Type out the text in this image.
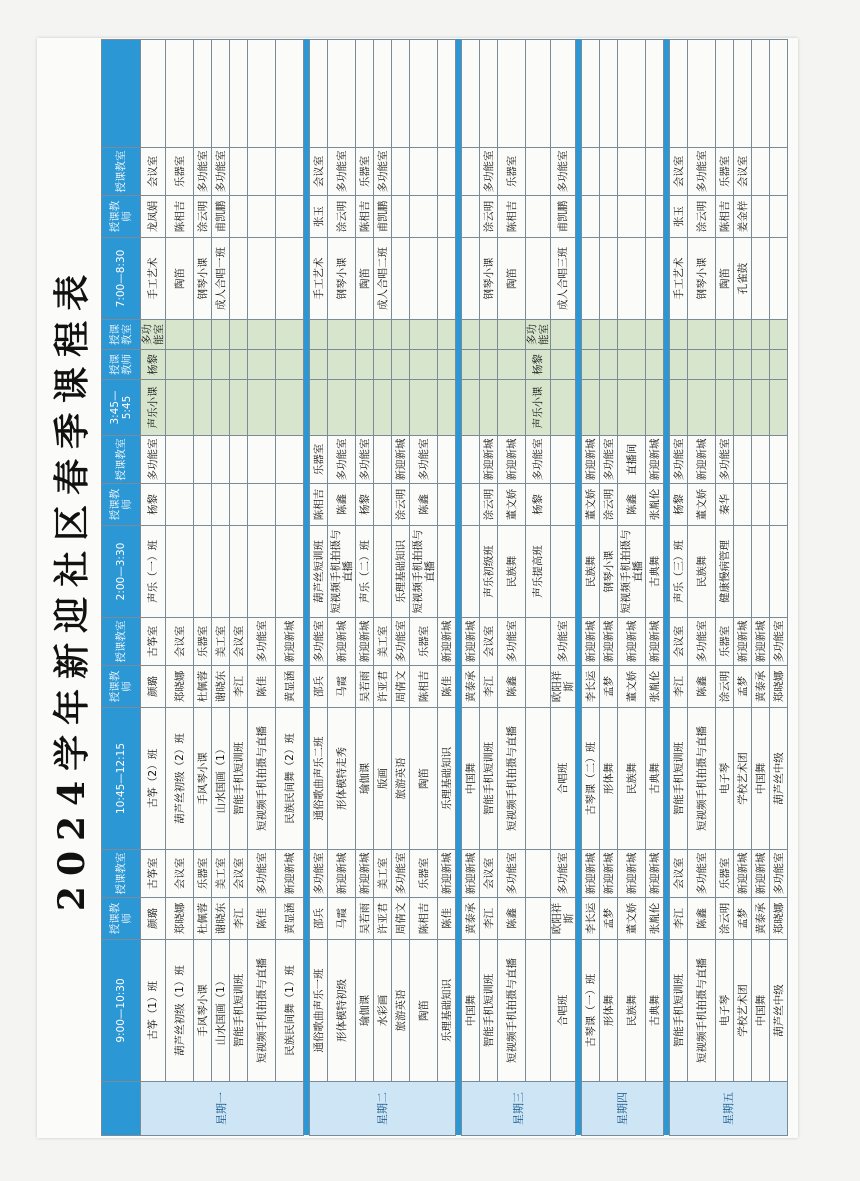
2024学年新迎社区春季课程表
	9:00—10:30	授课教师	授课教室	10:45—12:15	授课教师	授课教室	2:00—3:30	授课教师	授课教室	3:45—5:45	授课教师	授课教室	7:00—8:30	授课教师	授课教室	
星期一	古筝（1）班	颜璐	古筝室	古筝（2）班	颜璐	古筝室	声乐（一）班	杨黎	多功能室	声乐小课	杨黎	多功能室	手工艺术	龙凤娟	会议室	
	葫芦丝初级（1）班	郑晓娜	会议室	葫芦丝初级（2）班	郑晓娜	会议室							陶笛	陈相吉	乐器室	
	手风琴小课	杜佩蓉	乐器室	手风琴小课	杜佩蓉	乐器室							钢琴小课	涂云明	多功能室	
	山水国画（1）	谢晓东	美工室	山水国画（1）	谢晓东	美工室							成人合唱一班	甫凯鹏	多功能室	
	智能手机短训班	李江	会议室	智能手机短训班	李江	会议室										
	短视频手机拍摄与直播	陈佳	多功能室	短视频手机拍摄与直播	陈佳	多功能室										
	民族民间舞（1）班	黄显涵	新迎新城	民族民间舞（2）班	黄显涵	新迎新城										

星期二	通俗歌曲声乐一班	邵兵	多功能室	通俗歌曲声乐二班	邵兵	多功能室	葫芦丝短训班	陈相吉	乐器室				手工艺术	张玉	会议室	
	形体模特初级	马霞	新迎新城	形体模特走秀	马霞	新迎新城	短视频手机拍摄与直播	陈鑫	多功能室				钢琴小课	涂云明	多功能室	
	瑜伽课	吴若雨	新迎新城	瑜伽课	吴若雨	新迎新城	声乐（二）班	杨黎	多功能室				陶笛	陈相吉	乐器室	
	水彩画	许亚君	美工室	版画	许亚君	美工室							成人合唱二班	甫凯鹏	多功能室	
	旅游英语	周倩文	多功能室	旅游英语	周倩文	多功能室	乐理基础知识	涂云明	新迎新城							
	陶笛	陈相吉	乐器室	陶笛	陈相吉	乐器室	短视频手机拍摄与直播	陈鑫	多功能室							
	乐理基础知识	陈佳	新迎新城	乐理基础知识	陈佳	新迎新城										

星期三	中国舞	黄泰承	新迎新城	中国舞	黄泰承	新迎新城										
	智能手机短训班	李江	会议室	智能手机短训班	李江	会议室	声乐初级班	涂云明	新迎新城				钢琴小课	涂云明	多功能室	
	短视频手机拍摄与直播	陈鑫	多功能室	短视频手机拍摄与直播	陈鑫	多功能室	民族舞	董文娇	新迎新城				陶笛	陈相吉	乐器室	
							声乐提高班	杨黎	多功能室	声乐小课	杨黎	多功能室				
	合唱班	欧阳祥斯	多功能室	合唱班	欧阳祥斯	多功能室							成人合唱三班	甫凯鹏	多功能室	

星期四	古琴课（一）班	李长运	新迎新城	古琴课（二）班	李长运	新迎新城	民族舞	董文娇	新迎新城							
	形体舞	孟梦	新迎新城	形体舞	孟梦	新迎新城	钢琴小课	涂云明	多功能室							
	民族舞	董文娇	新迎新城	民族舞	董文娇	新迎新城	短视频手机拍摄与直播	陈鑫	直播间							
	古典舞	张胤伦	新迎新城	古典舞	张胤伦	新迎新城	古典舞	张胤伦	新迎新城							

星期五	智能手机短训班	李江	会议室	智能手机短训班	李江	会议室	声乐（三）班	杨黎	多功能室				手工艺术	张玉	会议室	
	短视频手机拍摄与直播	陈鑫	多功能室	短视频手机拍摄与直播	陈鑫	多功能室	民族舞	董文娇	新迎新城				钢琴小课	涂云明	多功能室	
	电子琴	涂云明	乐器室	电子琴	涂云明	乐器室	健康慢病管理	秦华	多功能室				陶笛	陈相吉	乐器室	
	学校艺术团	孟梦	新迎新城	学校艺术团	孟梦	新迎新城							孔雀鼓	姜金梓	会议室	
	中国舞	黄泰承	新迎新城	中国舞	黄泰承	新迎新城										
	葫芦丝中级	郑晓娜	多功能室	葫芦丝中级	郑晓娜	多功能室										
